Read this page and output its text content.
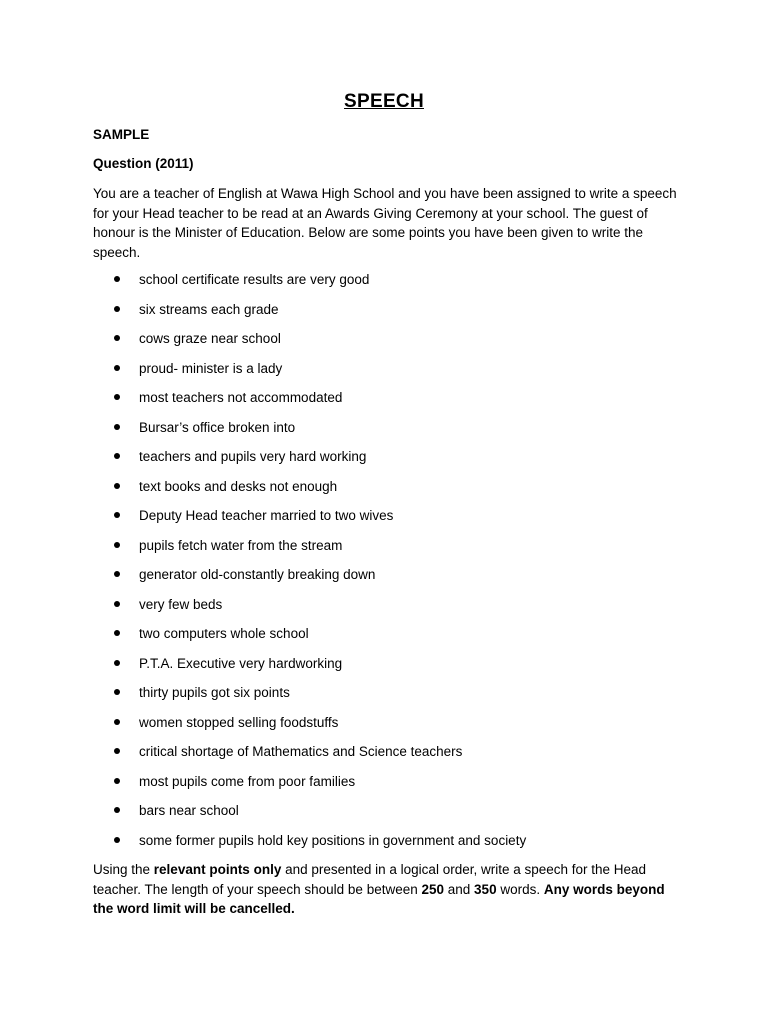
SPEECH
SAMPLE
Question (2011)
You are a teacher of English at Wawa High School and you have been assigned to write a speech for your Head teacher to be read at an Awards Giving Ceremony at your school. The guest of honour is the Minister of Education. Below are some points you have been given to write the speech.
school certificate results are very good
six streams each grade
cows graze near school
proud- minister is a lady
most teachers not accommodated
Bursar’s office broken into
teachers and pupils very hard working
text books and desks not enough
Deputy Head teacher married to two wives
pupils fetch water from the stream
generator old-constantly breaking down
very few beds
two computers whole school
P.T.A. Executive very hardworking
thirty pupils got six points
women stopped selling foodstuffs
critical shortage of Mathematics and Science teachers
most pupils come from poor families
bars near school
some former pupils hold key positions in government and society
Using the relevant points only and presented in a logical order, write a speech for the Head teacher. The length of your speech should be between 250 and 350 words. Any words beyond the word limit will be cancelled.
